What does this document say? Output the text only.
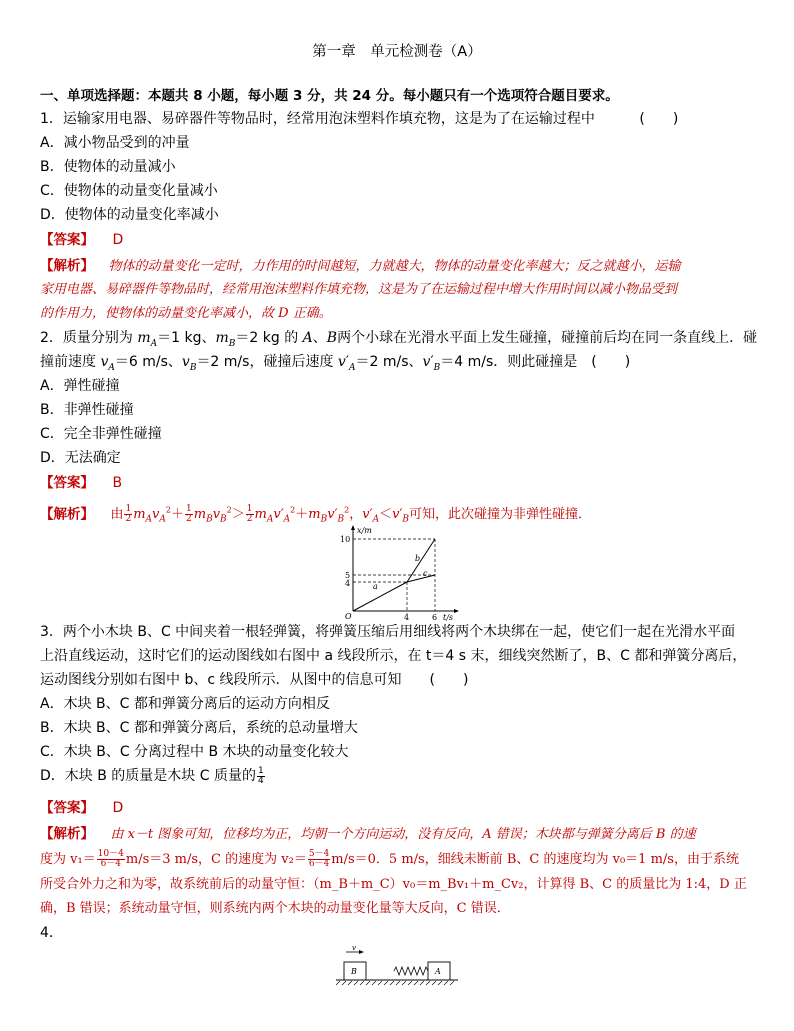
第一章　单元检测卷（A）
一、单项选择题：本题共 8 小题，每小题 3 分，共 24 分。每小题只有一个选项符合题目要求。
1．运输家用电器、易碎器件等物品时，经常用泡沫塑料作填充物，这是为了在运输过程中	(　　)
A．减小物品受到的冲量
B．使物体的动量减小
C．使物体的动量变化量减小
D．使物体的动量变化率减小
【答案】 D
【解析】 物体的动量变化一定时，力作用的时间越短，力就越大，物体的动量变化率越大；反之就越小，运输
家用电器、易碎器件等物品时，经常用泡沫塑料作填充物，这是为了在运输过程中增大作用时间以减小物品受到
的作用力，使物体的动量变化率减小，故 D 正确。
2．质量分别为 $m_A=1$ kg、$m_B=2$ kg 的 A、B两个小球在光滑水平面上发生碰撞，碰撞前后均在同一条直线上．碰
撞前速度 $v_A=6$ m/s、$v_B=2$ m/s，碰撞后速度 $v'_A=2$ m/s、$v'_B=4$ m/s．则此碰撞是　(　　)
A．弹性碰撞
B．非弹性碰撞
C．完全非弹性碰撞
D．无法确定
【答案】 B
【解析】 由 $\frac{1}{2} m_Av_A^2+ \frac{1}{2} m_Bv_B^2> \frac{1}{2} m_Av'_A^2+m_Bv'_B^2$，$v'_A<v'_B$可知，此次碰撞为非弹性碰撞．
x/m
t/s
O
10
5
4
4	6
a
b
c
3．两个小木块 B、C 中间夹着一根轻弹簧，将弹簧压缩后用细线将两个木块绑在一起，使它们一起在光滑水平面
上沿直线运动，这时它们的运动图线如右图中 a 线段所示，在 t＝4 s 末，细线突然断了，B、C 都和弹簧分离后，
运动图线分别如右图中 b、c 线段所示．从图中的信息可知　　(　　)
A．木块 B、C 都和弹簧分离后的运动方向相反
B．木块 B、C 都和弹簧分离后，系统的总动量增大
C．木块 B、C 分离过程中 B 木块的动量变化较大
D．木块 B 的质量是木块 C 质量的 $\frac{1}{4}$
【答案】 D
【解析】 由 x－t 图象可知，位移均为正，均朝一个方向运动，没有反向，A 错误；木块都与弹簧分离后 B 的速
度为 $v_1= \frac{10-4}{6-4} m/s=3$ m/s，C 的速度为 $v_2= \frac{5-4}{6-4} m/s=0$．5 m/s，细线未断前 B、C 的速度均为 v₀＝1 m/s，由于系统
所受合外力之和为零，故系统前后的动量守恒：（m_B＋m_C）v₀＝m_Bv₁＋m_Cv₂，计算得 B、C 的质量比为 1:4，D 正
确，B 错误；系统动量守恒，则系统内两个木块的动量变化量等大反向，C 错误．
4．
v
B	A
